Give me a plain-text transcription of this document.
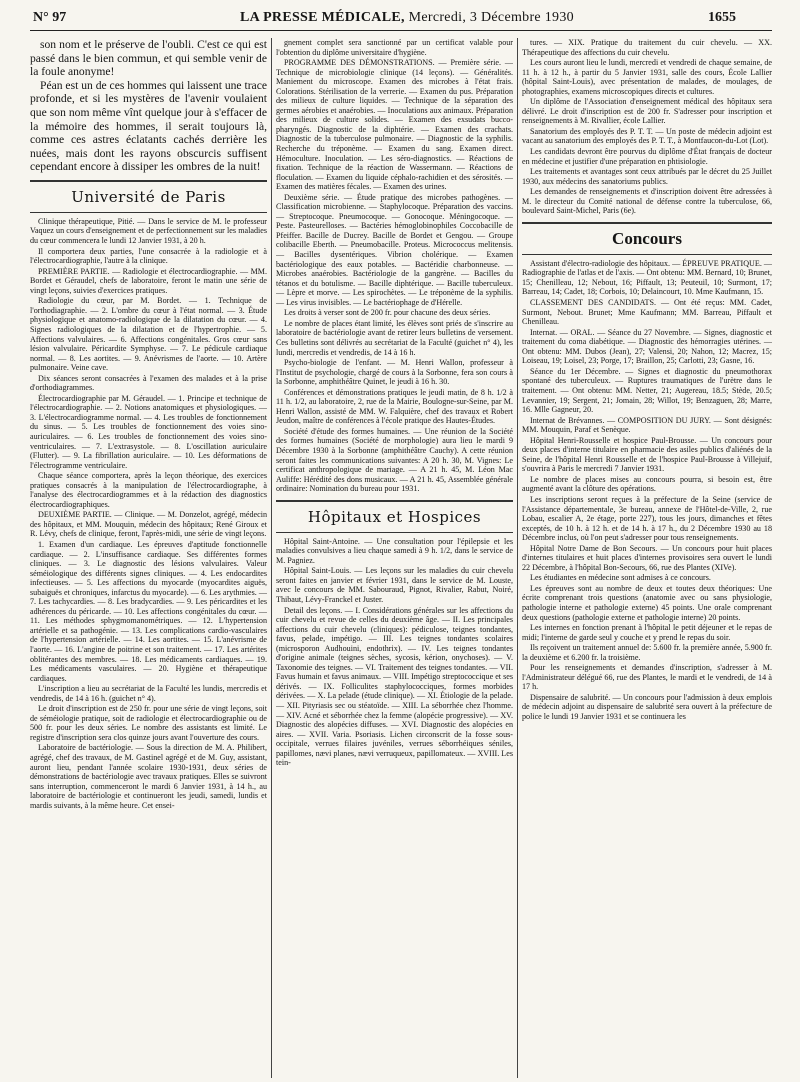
N° 97	LA PRESSE MÉDICALE, Mercredi, 3 Décembre 1930	1655

son nom et le préserve de l'oubli. C'est ce qui est passé dans le bien commun, et qui semble venir de la foule anonyme!

Péan est un de ces hommes qui laissent une trace profonde, et si les mystères de l'avenir voulaient que son nom même vînt quelque jour à s'effacer de la mémoire des hommes, il serait toujours là, comme ces astres éclatants cachés derrière les nuées, mais dont les rayons obscurcis suffisent cependant encore à dissiper les ombres de la nuit!

Université de Paris

Clinique thérapeutique, Pitié. — Dans le service de M. le professeur Vaquez un cours d'enseignement et de perfectionnement sur les maladies du cœur commencera le lundi 12 Janvier 1931, à 20 h.

Il comportera deux parties, l'une consacrée à la radiologie et à l'électrocardiographie, l'autre à la clinique.

PREMIÈRE PARTIE. — Radiologie et électrocardiographie. — MM. Bordet et Géraudel, chefs de laboratoire, feront le matin une série de vingt leçons, suivies d'exercices pratiques.

Radiologie du cœur, par M. Bordet. — 1. Technique de l'orthodiagraphie. — 2. L'ombre du cœur à l'état normal. — 3. Étude physiologique et anatomo-radiologique de la dilatation du cœur. — 4. Signes radiologiques de la dilatation et de l'hypertrophie. — 5. Affections valvulaires. — 6. Affections congénitales. Gros cœur sans lésion valvulaire. Péricardite Symphyse. — 7. Le pédicule cardiaque normal. — 8. Les aortites. — 9. Anévrismes de l'aorte. — 10. Artère pulmonaire. Veine cave.

Dix séances seront consacrées à l'examen des malades et à la prise d'orthodiagrammes.

Électrocardiographie par M. Géraudel. — 1. Principe et technique de l'électrocardiographie. — 2. Notions anatomiques et physiologiques. — 3. L'électrocardiogramme normal. — 4. Les troubles de fonctionnement du sinus. — 5. Les troubles de fonctionnement des voies sino-auriculaires. — 6. Les troubles de fonctionnement des voies sino-ventriculaires. — 7. L'extrasystole. — 8. L'oscillation auriculaire (Flutter). — 9. La fibrillation auriculaire. — 10. Les déformations de l'électrogramme ventriculaire.

Chaque séance comportera, après la leçon théorique, des exercices pratiques consacrés à la manipulation de l'électrocardiographe, à l'analyse des électrocardiogrammes et à la rédaction des diagnostics électrocardiographiques.

DEUXIÈME PARTIE. — Clinique. — M. Donzelot, agrégé, médecin des hôpitaux, et MM. Mouquin, médecin des hôpitaux; René Giroux et R. Lévy, chefs de clinique, feront, l'après-midi, une série de vingt leçons.

1. Examen d'un cardiaque. Les épreuves d'aptitude fonctionnelle cardiaque. — 2. L'insuffisance cardiaque. Ses différentes formes cliniques. — 3. Le diagnostic des lésions valvulaires. Valeur séméiologique des différents signes cliniques. — 4. Les endocardites infectieuses. — 5. Les affections du myocarde (myocardites aiguës, subaiguës et chroniques, infarctus du myocarde). — 6. Les arythmies. — 7. Les tachycardies. — 8. Les bradycardies. — 9. Les péricardites et les adhérences du péricarde. — 10. Les affections congénitales du cœur. — 11. Les méthodes sphygmomanométriques. — 12. L'hypertension artérielle et sa pathogénie. — 13. Les complications cardio-vasculaires de l'hypertension artérielle. — 14. Les aortites. — 15. L'anévrisme de l'aorte. — 16. L'angine de poitrine et son traitement. — 17. Les artérites oblitérantes des membres. — 18. Les médicaments cardiaques. — 19. Les médicaments vasculaires. — 20. Hygiène et thérapeutique cardiaques.

L'inscription a lieu au secrétariat de la Faculté les lundis, mercredis et vendredis, de 14 à 16 h. (guichet n° 4).

Le droit d'inscription est de 250 fr. pour une série de vingt leçons, soit de séméiologie pratique, soit de radiologie et électrocardiographie ou de 500 fr. pour les deux séries. Le nombre des assistants est limité. Le registre d'inscription sera clos quinze jours avant l'ouverture des cours.

Laboratoire de bactériologie. — Sous la direction de M. A. Philibert, agrégé, chef des travaux, de M. Gastinel agrégé et de M. Guy, assistant, auront lieu, pendant l'année scolaire 1930-1931, deux séries de démonstrations de bactériologie avec travaux pratiques. Elles se suivront sans interruption, commenceront le mardi 6 Janvier 1931, à 14 h., au laboratoire de bactériologie et continueront les jeudi, samedi, lundis et mardis suivants, à la même heure. Cet ensei-

gnement complet sera sanctionné par un certificat valable pour l'obtention du diplôme universitaire d'hygiène.

PROGRAMME DES DÉMONSTRATIONS. — Première série. — Technique de microbiologie clinique (14 leçons). — Généralités. Maniement du microscope. Examen des microbes à l'état frais. Colorations. Stérilisation de la verrerie. — Examen du pus. Préparation des milieux de culture liquides. — Technique de la séparation des germes aérobies et anaérobies. — Inoculations aux animaux. Préparation des milieux de culture solides. — Examen des exsudats bucco-pharyngés. Diagnostic de la diphtérie. — Examen des crachats. Diagnostic de la tuberculose pulmonaire. — Diagnostic de la syphilis. Recherche du tréponème. — Examen du sang. Examen direct. Hémoculture. Inoculation. — Les séro-diagnostics. — Réactions de fixation. Technique de la réaction de Wassermann. — Réactions de floculation. — Examen du liquide céphalo-rachidien et des sérosités. — Examen des matières fécales. — Examen des urines.

Deuxième série. — Étude pratique des microbes pathogènes. — Classification microbienne. — Staphylocoque. Préparation des vaccins. — Streptocoque. Pneumocoque. — Gonocoque. Méningocoque. — Peste. Pasteurelloses. — Bactéries hémoglobinophiles Coccobacille de Pfeiffer. Bacille de Ducrey. Bacille de Bordet et Gengou. — Groupe colibacille Eberth. — Pneumobacille. Proteus. Micrococcus melitensis. — Bacilles dysentériques. Vibrion cholérique. — Examen bactériologique des eaux potables. — Bactéridie charbonneuse. — Microbes anaérobies. Bactériologie de la gangrène. — Bacilles du tétanos et du botulisme. — Bacille diphtérique. — Bacille tuberculeux. — Lèpre et morve. — Les spirochètes. — Le tréponème de la syphilis. — Les virus invisibles. — Le bactériophage de d'Hérelle.

Les droits à verser sont de 200 fr. pour chacune des deux séries.

Le nombre de places étant limité, les élèves sont priés de s'inscrire au laboratoire de bactériologie avant de retirer leurs bulletins de versement. Ces bulletins sont délivrés au secrétariat de la Faculté (guichet n° 4), les lundi, mercredis et vendredis, de 14 à 16 h.

Psycho-biologie de l'enfant. — M. Henri Wallon, professeur à l'Institut de psychologie, chargé de cours à la Sorbonne, fera son cours à la Sorbonne, amphithéâtre Quinet, le jeudi à 16 h. 30.

Conférences et démonstrations pratiques le jeudi matin, de 8 h. 1/2 à 11 h. 1/2, au laboratoire, 2, rue de la Mairie, Boulogne-sur-Seine, par M. Henri Wallon, assisté de MM. W. Falquière, chef des travaux et Robert Jeudon, maître de conférences à l'école pratique des Hautes-Études.

Société d'étude des formes humaines. — Une réunion de la Société des formes humaines (Société de morphologie) aura lieu le mardi 9 Décembre 1930 à la Sorbonne (amphithéâtre Cauchy). A cette réunion seront faites les communications suivantes: A 20 h. 30, M. Vignes: Le certificat anthropologique de mariage. — A 21 h. 45, M. Léon Mac Auliffe: Hérédité des dons musicaux. — A 21 h. 45, Assemblée générale ordinaire: Nomination du bureau pour 1931.

Hôpitaux et Hospices

Hôpital Saint-Antoine. — Une consultation pour l'épilepsie et les maladies convulsives a lieu chaque samedi à 9 h. 1/2, dans le service de M. Pagniez.

Hôpital Saint-Louis. — Les leçons sur les maladies du cuir chevelu seront faites en janvier et février 1931, dans le service de M. Louste, avec le concours de MM. Sabouraud, Pignot, Rivalier, Rabut, Noiré, Thibaut, Lévy-Franckel et Juster.

Detail des leçons. — I. Considérations générales sur les affections du cuir chevelu et revue de celles du deuxième âge. — II. Les principales affections du cuir chevelu (cliniques): pédiculose, teignes tondantes, favus, pelade, impétigo. — III. Les teignes tondantes scolaires (microsporon Audhouini, endothrix). — IV. Les teignes tondantes d'origine animale (teignes sèches, sycosis, kérion, onychoses). — V. Taxonomie des teignes. — VI. Traitement des teignes tondantes. — VII. Favus humain et favus animaux. — VIII. Impétigo streptococcique et ses dérivés. — IX. Folliculites staphylococciques, formes morbides dérivées. — X. La pelade (étude clinique). — XI. Étiologie de la pelade. — XII. Pityriasis sec ou stéatoïde. — XIII. La séborrhée chez l'homme. — XIV. Acné et séborrhée chez la femme (alopécie progressive). — XV. Diagnostic des alopécies diffuses. — XVI. Diagnostic des alopécies en aires. — XVII. Varia. Psoriasis. Lichen circonscrit de la fosse sous-occipitale, verrues filaires juvéniles, verrues séborrhéiques séniles, papillomes, nævi planes, nævi verruqueux, papillomateux. — XVIII. Les tein-

tures. — XIX. Pratique du traitement du cuir chevelu. — XX. Thérapeutique des affections du cuir chevelu.

Les cours auront lieu le lundi, mercredi et vendredi de chaque semaine, de 11 h. à 12 h., à partir du 5 Janvier 1931, salle des cours, École Lallier (hôpital Saint-Louis), avec présentation de malades, de moulages, de photographies, examens microscopiques directs et cultures.

Un diplôme de l'Association d'enseignement médical des hôpitaux sera délivré. Le droit d'inscription est de 200 fr. S'adresser pour inscription et renseignements à M. Rivallier, école Lallier.

Sanatorium des employés des P. T. T. — Un poste de médecin adjoint est vacant au sanatorium des employés des P. T. T., à Montfaucon-du-Lot (Lot).

Les candidats devront être pourvus du diplôme d'État français de docteur en médecine et justifier d'une préparation en phtisiologie.

Les traitements et avantages sont ceux attribués par le décret du 25 Juillet 1930, aux médecins des sanatoriums publics.

Les demandes de renseignements et d'inscription doivent être adressées à M. le directeur du Comité national de défense contre la tuberculose, 66, boulevard Saint-Michel, Paris (6e).

Concours

Assistant d'électro-radiologie des hôpitaux. — ÉPREUVE PRATIQUE. — Radiographie de l'atlas et de l'axis. — Ont obtenu: MM. Bernard, 10; Brunet, 15; Chenilleau, 12; Nebout, 16; Piffault, 13; Peuteuil, 10; Surmont, 17; Barreau, 14; Cadet, 18; Corbois, 10; Delaincourt, 10. Mme Kaufmann, 15.

CLASSEMENT DES CANDIDATS. — Ont été reçus: MM. Cadet, Surmont, Nebout. Brunet; Mme Kaufmann; MM. Barreau, Piffault et Chenilleau.

Internat. — ORAL. — Séance du 27 Novembre. — Signes, diagnostic et traitement du coma diabétique. — Diagnostic des hémorragies utérines. — Ont obtenu: MM. Dubos (Jean), 27; Valensi, 20; Nahon, 12; Macrez, 15; Loiseau, 19; Loisel, 23; Porge, 17; Braillon, 25; Carlotti, 23; Gasne, 16.

Séance du 1er Décembre. — Signes et diagnostic du pneumothorax spontané des tuberculeux. — Ruptures traumatiques de l'urètre dans le traitement. — Ont obtenu: MM. Netter, 21; Augereau, 18.5; Stède, 20.5; Levannier, 19; Sergent, 21; Jomain, 28; Willot, 19; Benzaguen, 28; Marre, 16. Mlle Gagneur, 20.

Internat de Brévannes. — COMPOSITION DU JURY. — Sont désignés: MM. Mouquin, Paraf et Senèque.

Hôpital Henri-Rousselle et hospice Paul-Brousse. — Un concours pour deux places d'interne titulaire en pharmacie des asiles publics d'aliénés de la Seine, de l'hôpital Henri Rousselle et de l'hospice Paul-Brousse à Villejuif, s'ouvrira à Paris le mercredi 7 Janvier 1931.

Le nombre de places mises au concours pourra, si besoin est, être augmenté avant la clôture des opérations.

Les inscriptions seront reçues à la préfecture de la Seine (service de l'Assistance départementale, 3e bureau, annexe de l'Hôtel-de-Ville, 2, rue Lobau, escalier A, 2e étage, porte 227), tous les jours, dimanches et fêtes exceptés, de 10 h. à 12 h. et de 14 h. à 17 h., du 2 Décembre 1930 au 18 Décembre inclus, où l'on peut s'adresser pour tous renseignements.

Hôpital Notre Dame de Bon Secours. — Un concours pour huit places d'internes titulaires et huit places d'internes provisoires sera ouvert le lundi 22 Décembre, à l'hôpital Bon-Secours, 66, rue des Plantes (XIVe).

Les étudiantes en médecine sont admises à ce concours.

Les épreuves sont au nombre de deux et toutes deux théoriques: Une écrite comprenant trois questions (anatomie avec ou sans physiologie, pathologie interne et pathologie externe) 45 points. Une orale comprenant deux questions (pathologie externe et pathologie interne) 20 points.

Les internes en fonction prenant à l'hôpital le petit déjeuner et le repas de midi; l'interne de garde seul y couche et y prend le repas du soir.

Ils reçoivent un traitement annuel de: 5.600 fr. la première année, 5.900 fr. la deuxième et 6.200 fr. la troisième.

Pour les renseignements et demandes d'inscription, s'adresser à M. l'Administrateur délégué 66, rue des Plantes, le mardi et le vendredi, de 14 à 17 h.

Dispensaire de salubrité. — Un concours pour l'admission à deux emplois de médecin adjoint au dispensaire de salubrité sera ouvert à la préfecture de police le lundi 19 Janvier 1931 et se continuera les
